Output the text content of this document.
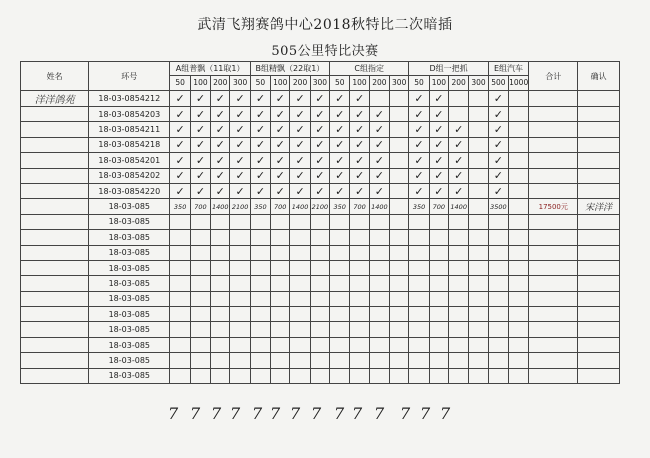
武清飞翔赛鸽中心2018秋特比二次暗插
505公里特比决赛
姓名	环号	A组普飘（11取1）				B组精飘（22取1）				C组指定				D组一把抓				E组汽车		合计	确认
		50	100	200	300	50	100	200	300	50	100	200	300	50	100	200	300	500	1000		
洋洋鸽苑	18-03-0854212	✓	✓	✓	✓	✓	✓	✓	✓	✓	✓			✓	✓			✓			
	18-03-0854203	✓	✓	✓	✓	✓	✓	✓	✓	✓	✓	✓		✓	✓			✓			
	18-03-0854211	✓	✓	✓	✓	✓	✓	✓	✓	✓	✓	✓		✓	✓	✓		✓			
	18-03-0854218	✓	✓	✓	✓	✓	✓	✓	✓	✓	✓	✓		✓	✓	✓		✓			
	18-03-0854201	✓	✓	✓	✓	✓	✓	✓	✓	✓	✓	✓		✓	✓	✓		✓			
	18-03-0854202	✓	✓	✓	✓	✓	✓	✓	✓	✓	✓	✓		✓	✓	✓		✓			
	18-03-0854220	✓	✓	✓	✓	✓	✓	✓	✓	✓	✓	✓		✓	✓	✓		✓			
	18-03-085	350	700	1400	2100	350	700	1400	2100	350	700	1400		350	700	1400		3500		17500元	宋洋洋
	18-03-085																				
	18-03-085																				
	18-03-085																				
	18-03-085																				
	18-03-085																				
	18-03-085																				
	18-03-085																				
	18-03-085																				
	18-03-085																				
	18-03-085																				
	18-03-085																				
7 7 7 7 7 7 7 7 7 7 7 7 7 7
